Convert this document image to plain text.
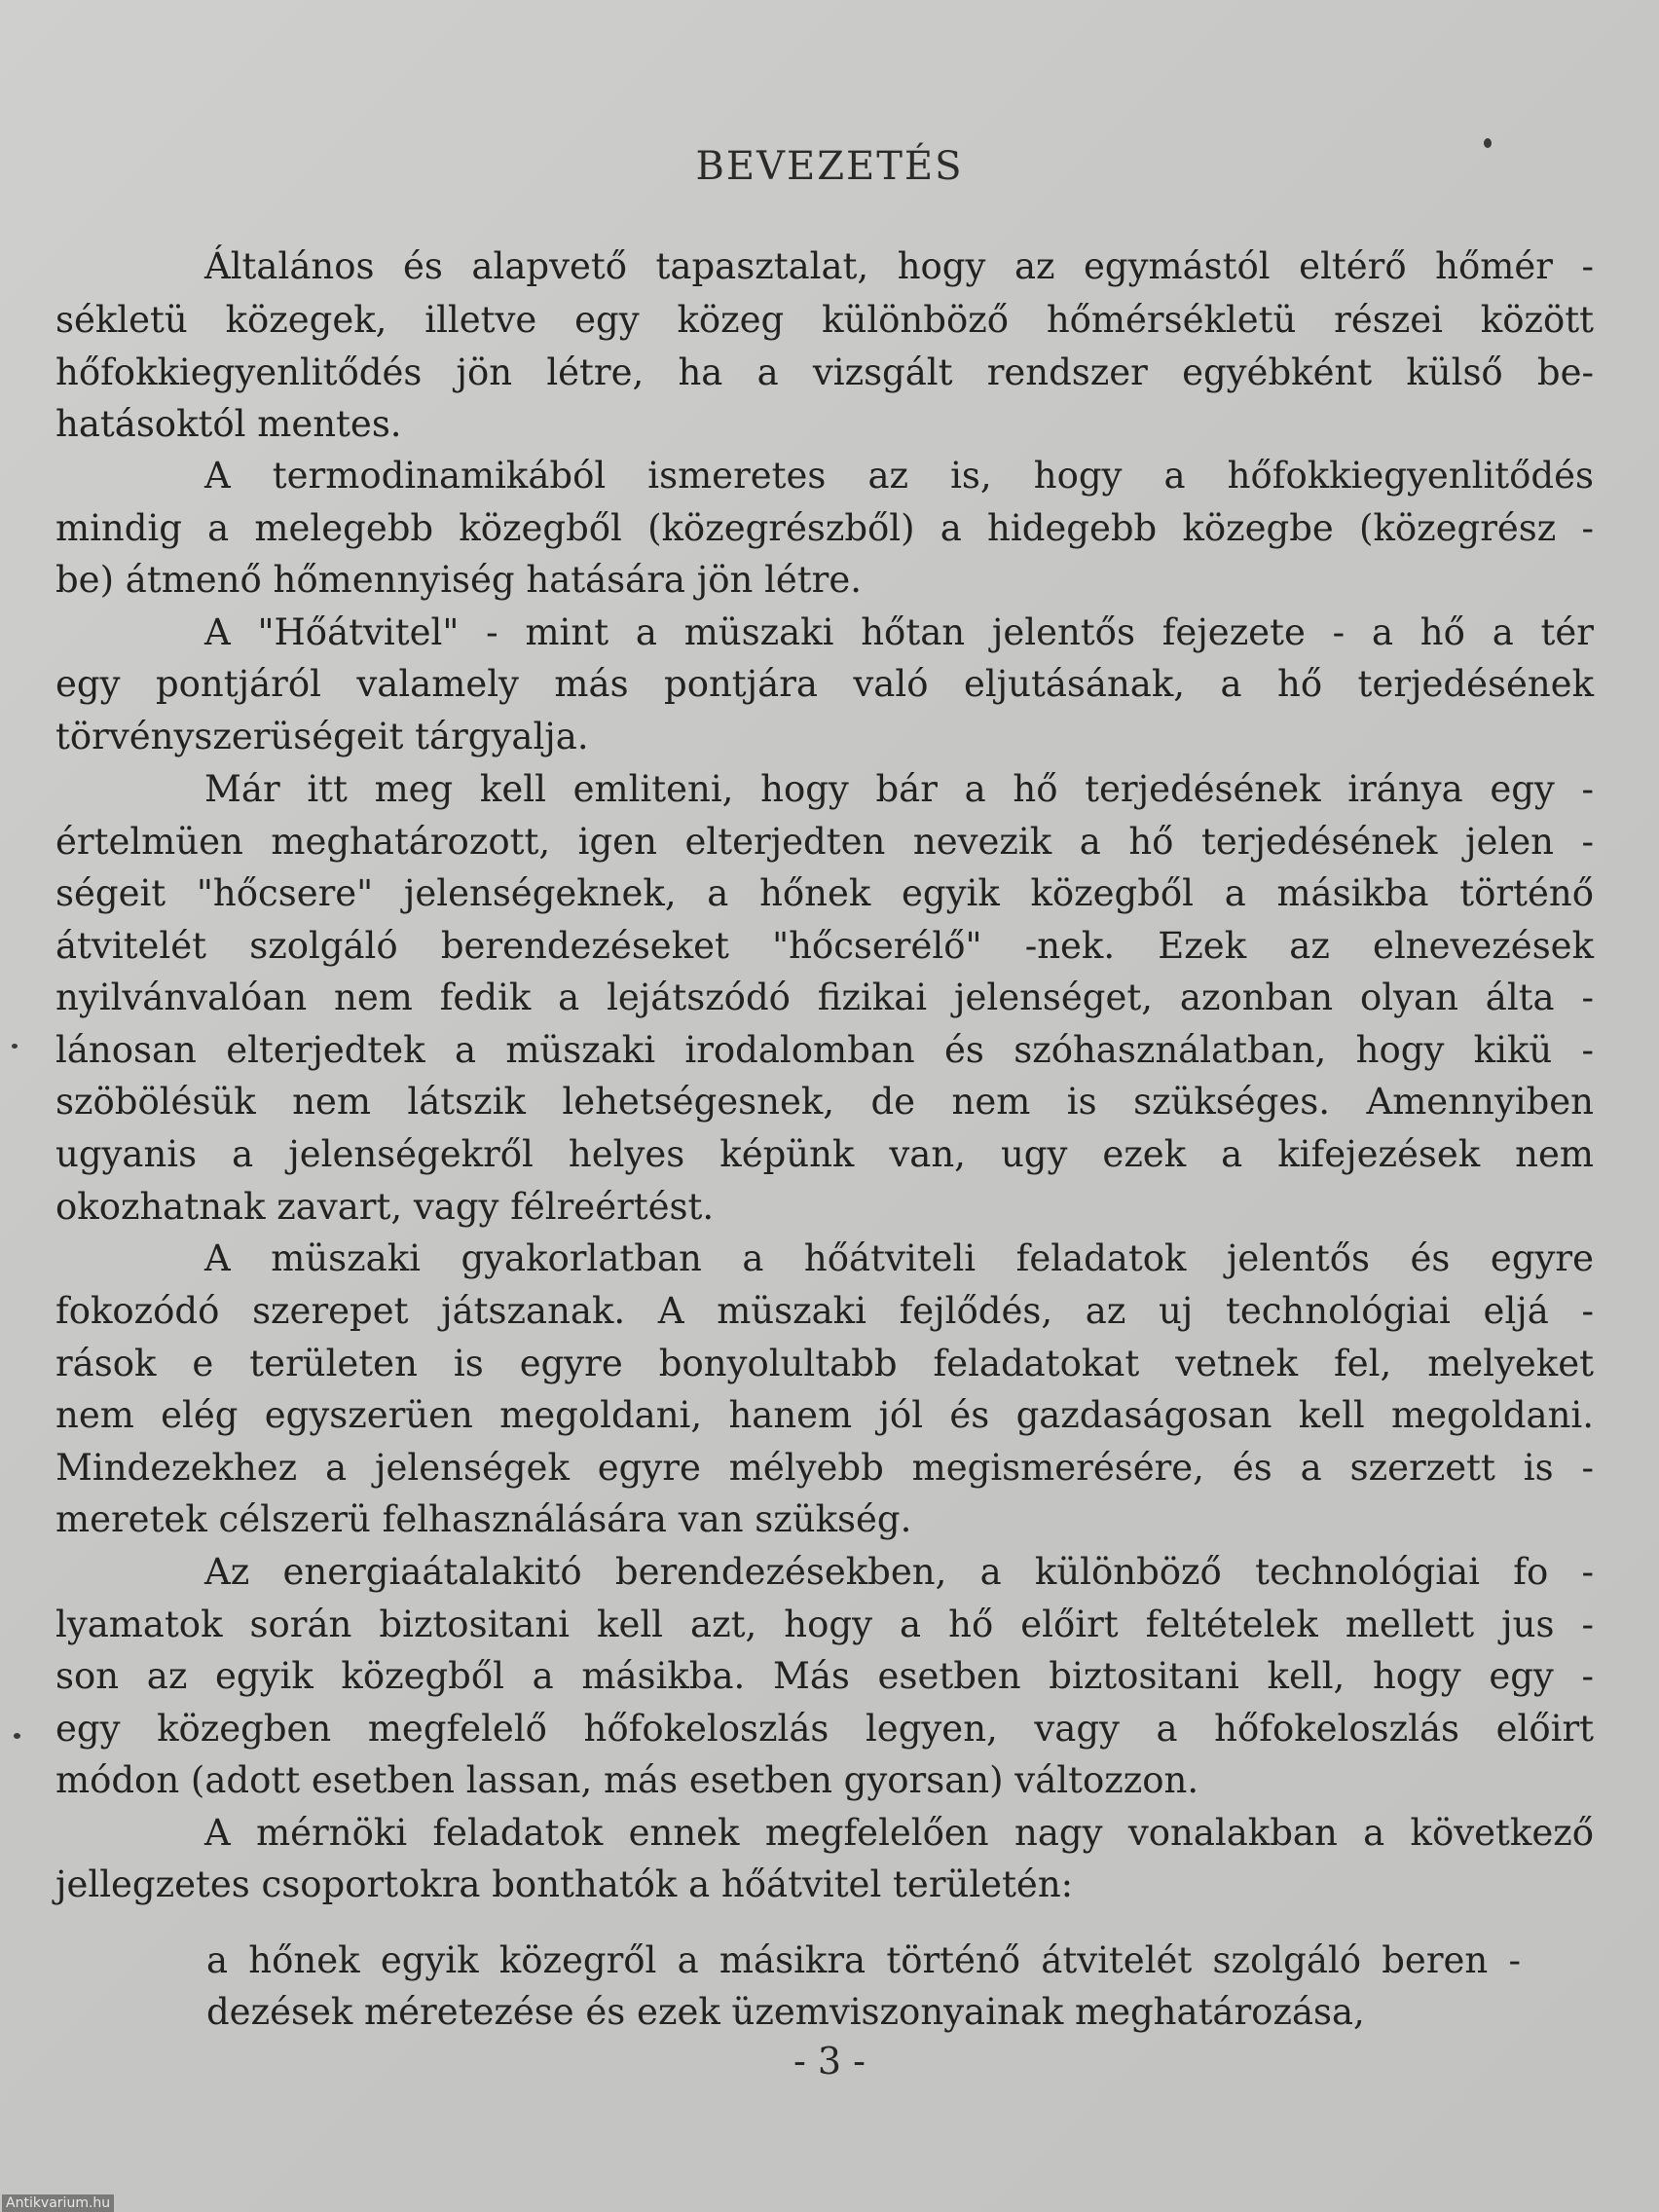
BEVEZETÉS
Általános és alapvető tapasztalat, hogy az egymástól eltérő hőmér -
sékletü közegek, illetve egy közeg különböző hőmérsékletü részei között
hőfokkiegyenlitődés jön létre, ha a vizsgált rendszer egyébként külső be-
hatásoktól mentes.
A termodinamikából ismeretes az is, hogy a hőfokkiegyenlitődés
mindig a melegebb közegből (közegrészből) a hidegebb közegbe (közegrész -
be) átmenő hőmennyiség hatására jön létre.
A "Hőátvitel" - mint a müszaki hőtan jelentős fejezete - a hő a tér
egy pontjáról valamely más pontjára való eljutásának, a hő terjedésének
törvényszerüségeit tárgyalja.
Már itt meg kell emliteni, hogy bár a hő terjedésének iránya egy -
értelmüen meghatározott, igen elterjedten nevezik a hő terjedésének jelen -
ségeit "hőcsere" jelenségeknek, a hőnek egyik közegből a másikba történő
átvitelét szolgáló berendezéseket "hőcserélő" -nek. Ezek az elnevezések
nyilvánvalóan nem fedik a lejátszódó fizikai jelenséget, azonban olyan álta -
lánosan elterjedtek a müszaki irodalomban és szóhasználatban, hogy kikü -
szöbölésük nem látszik lehetségesnek, de nem is szükséges. Amennyiben
ugyanis a jelenségekről helyes képünk van, ugy ezek a kifejezések nem
okozhatnak zavart, vagy félreértést.
A müszaki gyakorlatban a hőátviteli feladatok jelentős és egyre
fokozódó szerepet játszanak. A müszaki fejlődés, az uj technológiai eljá -
rások e területen is egyre bonyolultabb feladatokat vetnek fel, melyeket
nem elég egyszerüen megoldani, hanem jól és gazdaságosan kell megoldani.
Mindezekhez a jelenségek egyre mélyebb megismerésére, és a szerzett is -
meretek célszerü felhasználására van szükség.
Az energiaátalakitó berendezésekben, a különböző technológiai fo -
lyamatok során biztositani kell azt, hogy a hő előirt feltételek mellett jus -
son az egyik közegből a másikba. Más esetben biztositani kell, hogy egy -
egy közegben megfelelő hőfokeloszlás legyen, vagy a hőfokeloszlás előirt
módon (adott esetben lassan, más esetben gyorsan) változzon.
A mérnöki feladatok ennek megfelelően nagy vonalakban a következő
jellegzetes csoportokra bonthatók a hőátvitel területén:
a hőnek egyik közegről a másikra történő átvitelét szolgáló beren -
dezések méretezése és ezek üzemviszonyainak meghatározása,
- 3 -
Antikvarium.hu
